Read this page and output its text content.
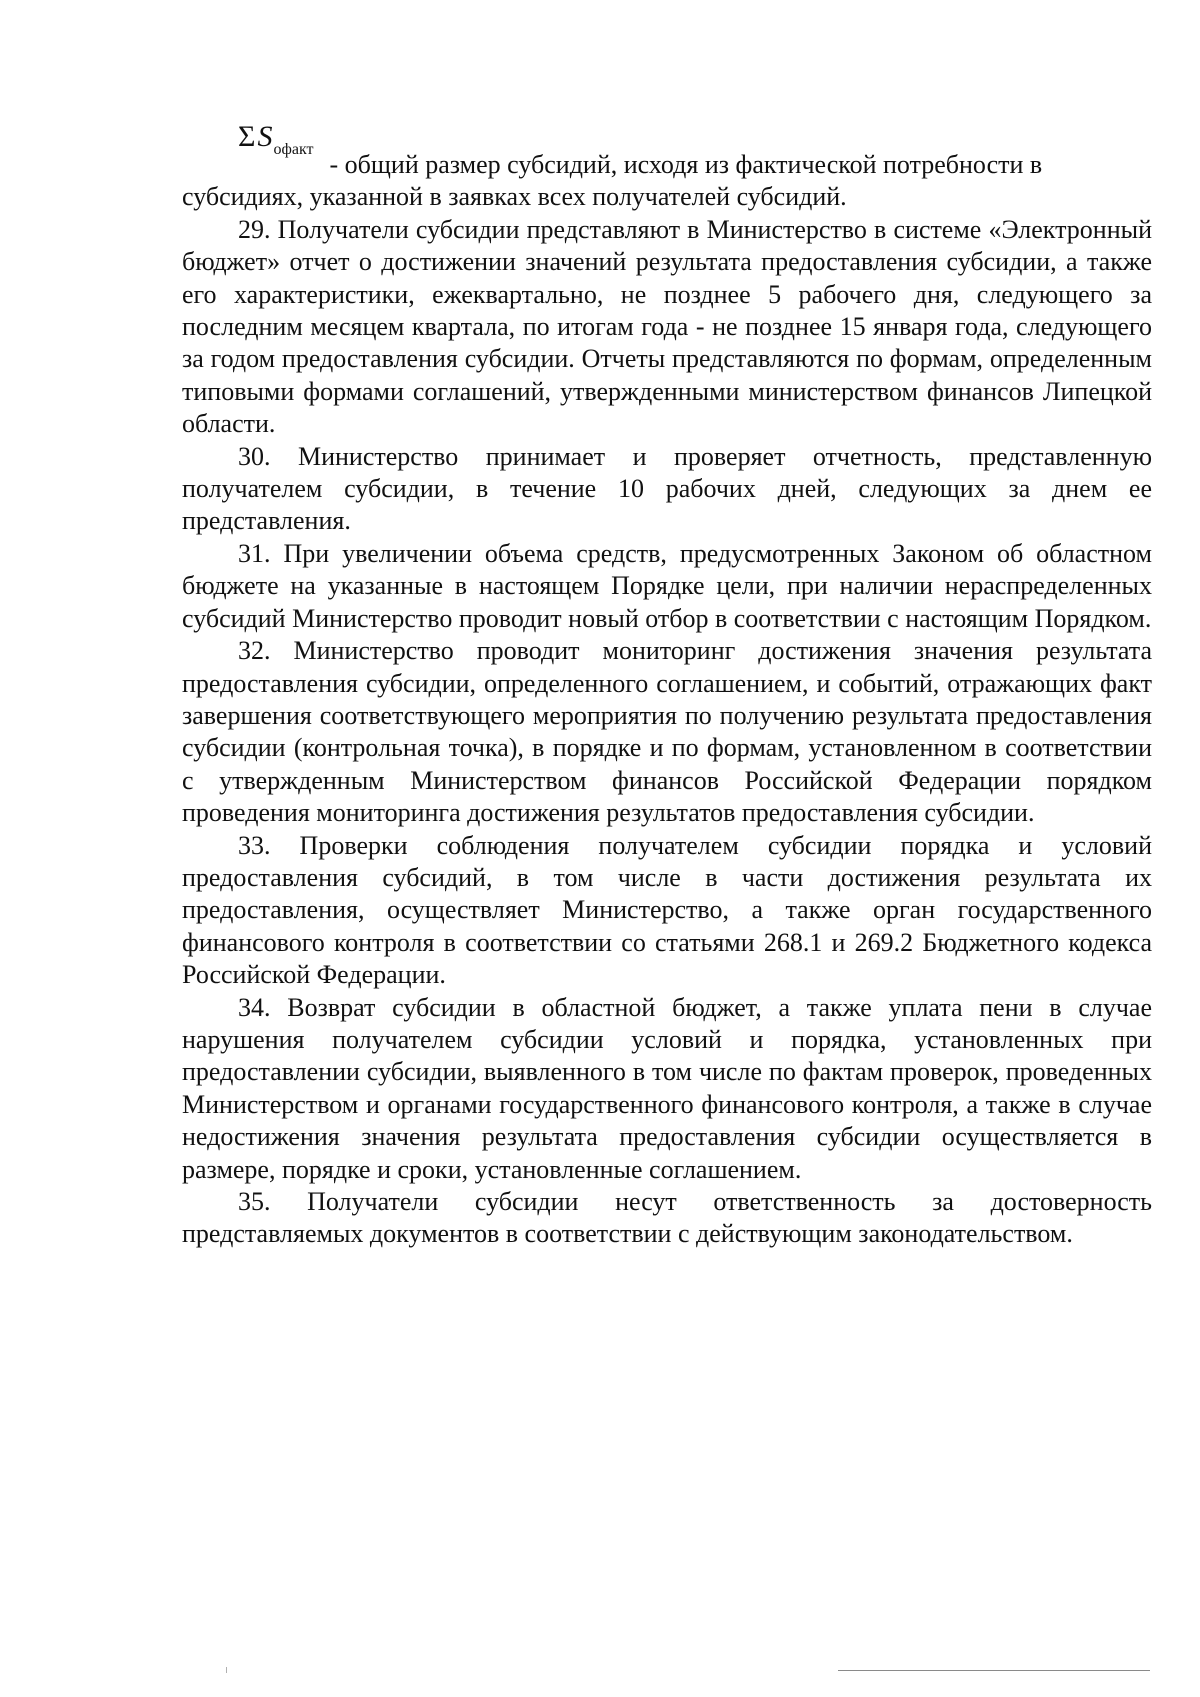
$\Sigma S_{офакт}$
- общий размер субсидий, исходя из фактической потребности в

субсидиях, указанной в заявках всех получателей субсидий.

29. Получатели субсидии представляют в Министерство в системе «Электронный бюджет» отчет о достижении значений результата предоставления субсидии, а также его характеристики, ежеквартально, не позднее 5 рабочего дня, следующего за последним месяцем квартала, по итогам года - не позднее 15 января года, следующего за годом предоставления субсидии. Отчеты представляются по формам, определенным типовыми формами соглашений, утвержденными министерством финансов Липецкой области.

30. Министерство принимает и проверяет отчетность, представленную получателем субсидии, в течение 10 рабочих дней, следующих за днем ее представления.

31. При увеличении объема средств, предусмотренных Законом об областном бюджете на указанные в настоящем Порядке цели, при наличии нераспределенных субсидий Министерство проводит новый отбор в соответствии с настоящим Порядком.

32. Министерство проводит мониторинг достижения значения результата предоставления субсидии, определенного соглашением, и событий, отражающих факт завершения соответствующего мероприятия по получению результата предоставления субсидии (контрольная точка), в порядке и по формам, установленном в соответствии с утвержденным Министерством финансов Российской Федерации порядком проведения мониторинга достижения результатов предоставления субсидии.

33. Проверки соблюдения получателем субсидии порядка и условий предоставления субсидий, в том числе в части достижения результата их предоставления, осуществляет Министерство, а также орган государственного финансового контроля в соответствии со статьями 268.1 и 269.2 Бюджетного кодекса Российской Федерации.

34. Возврат субсидии в областной бюджет, а также уплата пени в случае нарушения получателем субсидии условий и порядка, установленных при предоставлении субсидии, выявленного в том числе по фактам проверок, проведенных Министерством и органами государственного финансового контроля, а также в случае недостижения значения результата предоставления субсидии осуществляется в размере, порядке и сроки, установленные соглашением.

35. Получатели субсидии несут ответственность за достоверность представляемых документов в соответствии с действующим законодательством.
